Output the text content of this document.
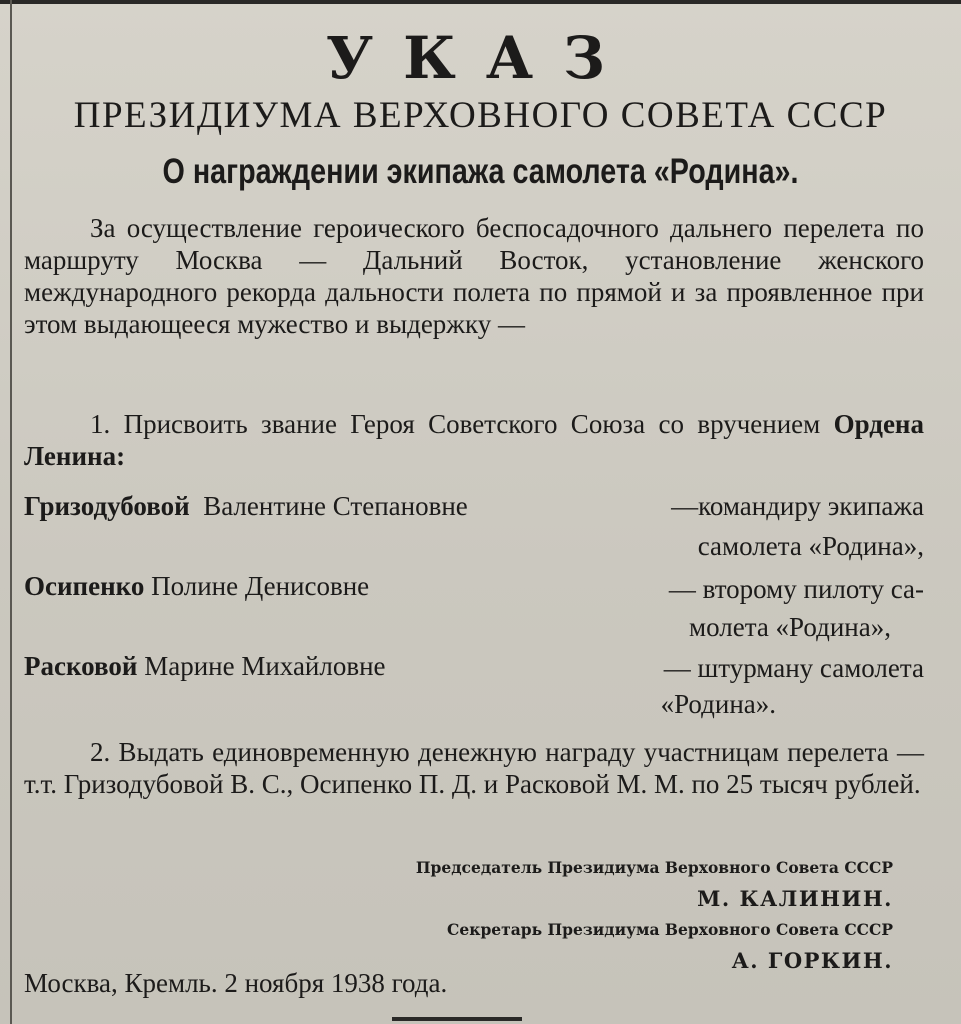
УКАЗ
ПРЕЗИДИУМА ВЕРХОВНОГО СОВЕТА СССР
О награждении экипажа самолета «Родина».
За осуществление героического беспосадочного дальнего перелета по маршруту Москва — Дальний Восток, установление женского международного рекорда дальности полета по прямой и за проявленное при этом выдающееся мужество и выдержку —
1. Присвоить звание Героя Советского Союза со вручением Ордена Ленина:
Гризодубовой Валентине Степановне	—командиру экипажа
самолета «Родина»,
Осипенко Полине Денисовне	— второму пилоту са-
молета «Родина»,
Расковой Марине Михайловне	— штурману самолета
«Родина».
2. Выдать единовременную денежную награду участницам перелета — т.т. Гризодубовой В. С., Осипенко П. Д. и Расковой М. М. по 25 тысяч рублей.
Председатель Президиума Верховного Совета СССР
М. КАЛИНИН.
Секретарь Президиума Верховного Совета СССР
А. ГОРКИН.
Москва, Кремль. 2 ноября 1938 года.
